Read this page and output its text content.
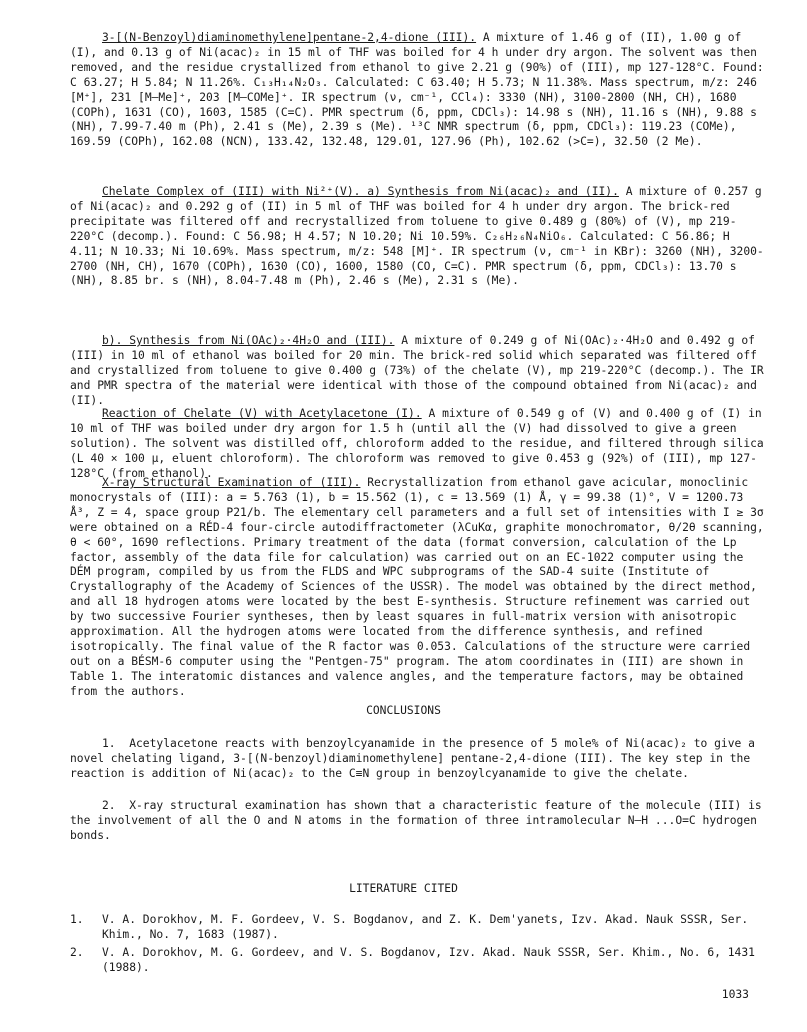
3-[(N-Benzoyl)diaminomethylene]pentane-2,4-dione (III). A mixture of 1.46 g of (II), 1.00 g of (I), and 0.13 g of Ni(acac)₂ in 15 ml of THF was boiled for 4 h under dry argon. The solvent was then removed, and the residue crystallized from ethanol to give 2.21 g (90%) of (III), mp 127-128°C. Found: C 63.27; H 5.84; N 11.26%. C₁₃H₁₄N₂O₃. Calculated: C 63.40; H 5.73; N 11.38%. Mass spectrum, m/z: 246 [M⁺], 231 [M–Me]⁺, 203 [M–COMe]⁺. IR spectrum (ν, cm⁻¹, CCl₄): 3330 (NH), 3100-2800 (NH, CH), 1680 (COPh), 1631 (CO), 1603, 1585 (C=C). PMR spectrum (δ, ppm, CDCl₃): 14.98 s (NH), 11.16 s (NH), 9.88 s (NH), 7.99-7.40 m (Ph), 2.41 s (Me), 2.39 s (Me). ¹³C NMR spectrum (δ, ppm, CDCl₃): 119.23 (COMe), 169.59 (COPh), 162.08 (NCN), 133.42, 132.48, 129.01, 127.96 (Ph), 102.62 (>C=), 32.50 (2 Me).
Chelate Complex of (III) with Ni²⁺(V). a) Synthesis from Ni(acac)₂ and (II). A mixture of 0.257 g of Ni(acac)₂ and 0.292 g of (II) in 5 ml of THF was boiled for 4 h under dry argon. The brick-red precipitate was filtered off and recrystallized from toluene to give 0.489 g (80%) of (V), mp 219-220°C (decomp.). Found: C 56.98; H 4.57; N 10.20; Ni 10.59%. C₂₆H₂₆N₄NiO₆. Calculated: C 56.86; H 4.11; N 10.33; Ni 10.69%. Mass spectrum, m/z: 548 [M]⁺. IR spectrum (ν, cm⁻¹ in KBr): 3260 (NH), 3200-2700 (NH, CH), 1670 (COPh), 1630 (CO), 1600, 1580 (CO, C=C). PMR spectrum (δ, ppm, CDCl₃): 13.70 s (NH), 8.85 br. s (NH), 8.04-7.48 m (Ph), 2.46 s (Me), 2.31 s (Me).
b). Synthesis from Ni(OAc)₂·4H₂O and (III). A mixture of 0.249 g of Ni(OAc)₂·4H₂O and 0.492 g of (III) in 10 ml of ethanol was boiled for 20 min. The brick-red solid which separated was filtered off and crystallized from toluene to give 0.400 g (73%) of the chelate (V), mp 219-220°C (decomp.). The IR and PMR spectra of the material were identical with those of the compound obtained from Ni(acac)₂ and (II).
Reaction of Chelate (V) with Acetylacetone (I). A mixture of 0.549 g of (V) and 0.400 g of (I) in 10 ml of THF was boiled under dry argon for 1.5 h (until all the (V) had dissolved to give a green solution). The solvent was distilled off, chloroform added to the residue, and filtered through silica (L 40 × 100 μ, eluent chloroform). The chloroform was removed to give 0.453 g (92%) of (III), mp 127-128°C (from ethanol).
X-ray Structural Examination of (III). Recrystallization from ethanol gave acicular, monoclinic monocrystals of (III): a = 5.763 (1), b = 15.562 (1), c = 13.569 (1) Å, γ = 99.38 (1)°, V = 1200.73 Å³, Z = 4, space group P21/b. The elementary cell parameters and a full set of intensities with I ≥ 3σ were obtained on a RÉD-4 four-circle autodiffractometer (λCuKα, graphite monochromator, θ/2θ scanning, θ < 60°, 1690 reflections. Primary treatment of the data (format conversion, calculation of the Lp factor, assembly of the data file for calculation) was carried out on an EC-1022 computer using the DÉM program, compiled by us from the FLDS and WPC subprograms of the SAD-4 suite (Institute of Crystallography of the Academy of Sciences of the USSR). The model was obtained by the direct method, and all 18 hydrogen atoms were located by the best E-synthesis. Structure refinement was carried out by two successive Fourier syntheses, then by least squares in full-matrix version with anisotropic approximation. All the hydrogen atoms were located from the difference synthesis, and refined isotropically. The final value of the R factor was 0.053. Calculations of the structure were carried out on a BÉSM-6 computer using the "Pentgen-75" program. The atom coordinates in (III) are shown in Table 1. The interatomic distances and valence angles, and the temperature factors, may be obtained from the authors.
CONCLUSIONS
1.  Acetylacetone reacts with benzoylcyanamide in the presence of 5 mole% of Ni(acac)₂ to give a novel chelating ligand, 3-[(N-benzoyl)diaminomethylene] pentane-2,4-dione (III). The key step in the reaction is addition of Ni(acac)₂ to the C≡N group in benzoylcyanamide to give the chelate.
2.  X-ray structural examination has shown that a characteristic feature of the molecule (III) is the involvement of all the O and N atoms in the formation of three intramolecular N–H ...O=C hydrogen bonds.
LITERATURE CITED
1. V. A. Dorokhov, M. F. Gordeev, V. S. Bogdanov, and Z. K. Dem'yanets, Izv. Akad. Nauk SSSR, Ser. Khim., No. 7, 1683 (1987).
2. V. A. Dorokhov, M. G. Gordeev, and V. S. Bogdanov, Izv. Akad. Nauk SSSR, Ser. Khim., No. 6, 1431 (1988).
1033
